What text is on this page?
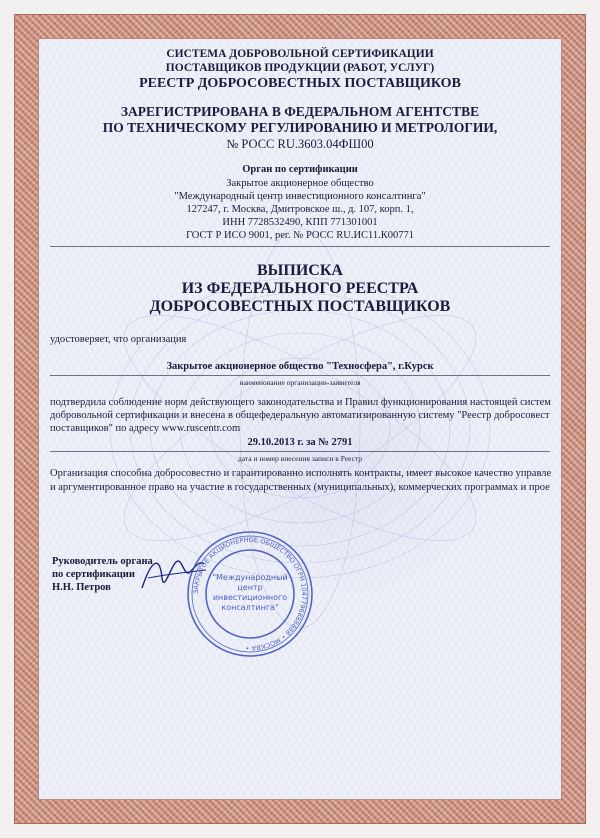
СИСТЕМА ДОБРОВОЛЬНОЙ СЕРТИФИКАЦИИ
ПОСТАВЩИКОВ ПРОДУКЦИИ (РАБОТ, УСЛУГ)
РЕЕСТР ДОБРОСОВЕСТНЫХ ПОСТАВЩИКОВ
ЗАРЕГИСТРИРОВАНА В ФЕДЕРАЛЬНОМ АГЕНТСТВЕ
ПО ТЕХНИЧЕСКОМУ РЕГУЛИРОВАНИЮ И МЕТРОЛОГИИ,
№ РОСС RU.З603.04ФШ00
Орган по сертификации
Закрытое акционерное общество
"Международный центр инвестиционного консалтинга"
127247, г. Москва, Дмитровское ш., д. 107, корп. 1,
ИНН 7728532490, КПП 771301001
ГОСТ Р ИСО 9001, рег. № РОСС RU.ИС11.К00771
ВЫПИСКА
ИЗ ФЕДЕРАЛЬНОГО РЕЕСТРА
ДОБРОСОВЕСТНЫХ ПОСТАВЩИКОВ
удостоверяет, что организация
Закрытое акционерное общество "Техносфера", г.Курск
наименование организации-заявителя
подтвердила соблюдение норм действующего законодательства и Правил функционирования настоящей систем
добровольной сертификации и внесена в общефедеральную автоматизированную систему "Реестр добросовест
поставщиков" по адресу www.ruscentr.com
29.10.2013 г. за № 2791
дата и номер внесения записи в Реестр
Организация способна добросовестно и гарантированно исполнять контракты, имеет высокое качество управле
и аргументированное право на участие в государственных (муниципальных), коммерческих программах и прое
Руководитель органа
по сертификации
Н.Н. Петров	ЗАКРЫТОЕ АКЦИОНЕРНОЕ ОБЩЕСТВО ОГРН 1047796888888 • МОСКВА •
"Международный
центр
инвестиционного
консалтинга"
